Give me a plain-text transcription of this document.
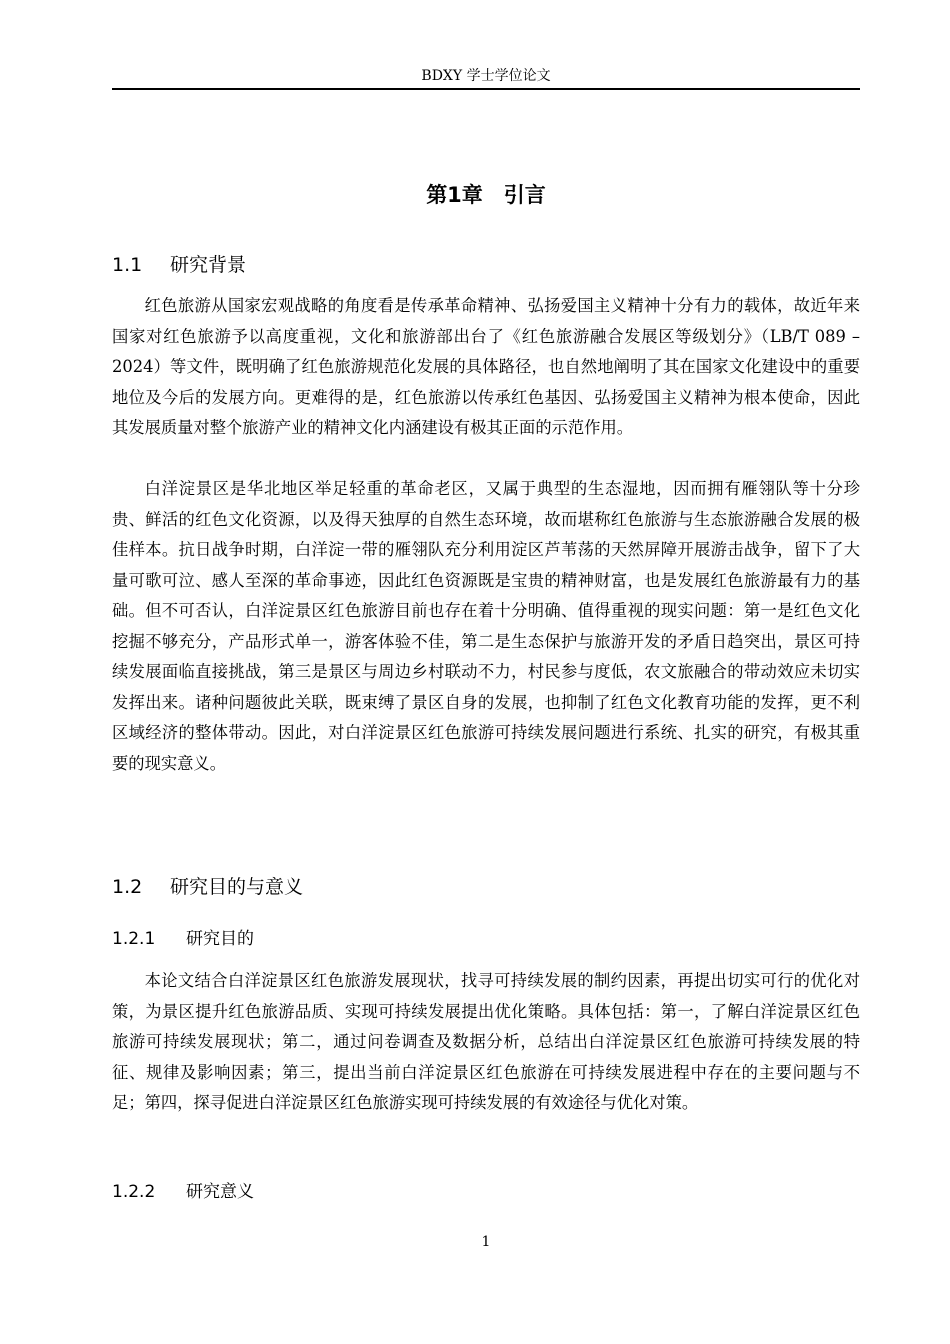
BDXY 学士学位论文
第1章　引言
1.1 研究背景

红色旅游从国家宏观战略的角度看是传承革命精神、弘扬爱国主义精神十分有力的载体，故近年来国家对红色旅游予以高度重视，文化和旅游部出台了《红色旅游融合发展区等级划分》（LB/T 089 – 2024）等文件，既明确了红色旅游规范化发展的具体路径，也自然地阐明了其在国家文化建设中的重要地位及今后的发展方向。更难得的是，红色旅游以传承红色基因、弘扬爱国主义精神为根本使命，因此其发展质量对整个旅游产业的精神文化内涵建设有极其正面的示范作用。

白洋淀景区是华北地区举足轻重的革命老区，又属于典型的生态湿地，因而拥有雁翎队等十分珍贵、鲜活的红色文化资源，以及得天独厚的自然生态环境，故而堪称红色旅游与生态旅游融合发展的极佳样本。抗日战争时期，白洋淀一带的雁翎队充分利用淀区芦苇荡的天然屏障开展游击战争，留下了大量可歌可泣、感人至深的革命事迹，因此红色资源既是宝贵的精神财富，也是发展红色旅游最有力的基础。但不可否认，白洋淀景区红色旅游目前也存在着十分明确、值得重视的现实问题：第一是红色文化挖掘不够充分，产品形式单一，游客体验不佳，第二是生态保护与旅游开发的矛盾日趋突出，景区可持续发展面临直接挑战，第三是景区与周边乡村联动不力，村民参与度低，农文旅融合的带动效应未切实发挥出来。诸种问题彼此关联，既束缚了景区自身的发展，也抑制了红色文化教育功能的发挥，更不利区域经济的整体带动。因此，对白洋淀景区红色旅游可持续发展问题进行系统、扎实的研究，有极其重要的现实意义。

1.2 研究目的与意义
1.2.1 研究目的

本论文结合白洋淀景区红色旅游发展现状，找寻可持续发展的制约因素，再提出切实可行的优化对策，为景区提升红色旅游品质、实现可持续发展提出优化策略。具体包括：第一，了解白洋淀景区红色旅游可持续发展现状；第二，通过问卷调查及数据分析，总结出白洋淀景区红色旅游可持续发展的特征、规律及影响因素；第三，提出当前白洋淀景区红色旅游在可持续发展进程中存在的主要问题与不足；第四，探寻促进白洋淀景区红色旅游实现可持续发展的有效途径与优化对策。

1.2.2 研究意义
1
